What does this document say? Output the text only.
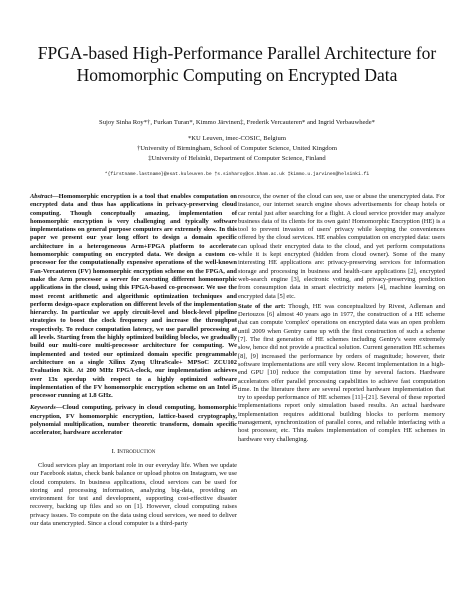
FPGA-based High-Performance Parallel Architecture for Homomorphic Computing on Encrypted Data
Sujoy Sinha Roy*†, Furkan Turan*, Kimmo Järvinen‡, Frederik Vercauteren* and Ingrid Verbauwhede*
*KU Leuven, imec-COSIC, Belgium
†University of Birmingham, School of Computer Science, United Kingdom
‡University of Helsinki, Department of Computer Science, Finland
*{firstname.lastname}@esat.kuleuven.be †s.sinharoy@cs.bham.ac.uk ‡kimmo.u.jarvinen@helsinki.fi

Abstract—Homomorphic encryption is a tool that enables computation on encrypted data and thus has applications in privacy-preserving cloud computing. Though conceptually amazing, implementation of homomorphic encryption is very challenging and typically software implementations on general purpose computers are extremely slow. In this paper we present our year long effort to design a domain specific architecture in a heterogeneous Arm+FPGA platform to accelerate homomorphic computing on encrypted data. We design a custom co-processor for the computationally expensive operations of the well-known Fan-Vercauteren (FV) homomorphic encryption scheme on the FPGA, and make the Arm processor a server for executing different homomorphic applications in the cloud, using this FPGA-based co-processor. We use the most recent arithmetic and algorithmic optimization techniques and perform design-space exploration on different levels of the implementation hierarchy. In particular we apply circuit-level and block-level pipeline strategies to boost the clock frequency and increase the throughput respectively. To reduce computation latency, we use parallel processing at all levels. Starting from the highly optimized building blocks, we gradually build our multi-core multi-processor architecture for computing. We implemented and tested our optimized domain specific programmable architecture on a single Xilinx Zynq UltraScale+ MPSoC ZCU102 Evaluation Kit. At 200 MHz FPGA-clock, our implementation achieves over 13x speedup with respect to a highly optimized software implementation of the FV homomorphic encryption scheme on an Intel i5 processor running at 1.8 GHz.

Keywords—Cloud computing, privacy in cloud computing, homomorphic encryption, FV homomorphic encryption, lattice-based cryptography, polynomial multiplication, number theoretic transform, domain specific accelerator, hardware accelerator

I. Introduction

Cloud services play an important role in our everyday life. When we update our Facebook status, check bank balance or upload photos on Instagram, we use cloud computers. In business applications, cloud services can be used for storing and processing information, analyzing big-data, providing an environment for test and development, supporting cost-effective disaster recovery, backing up files and so on [1]. However, cloud computing raises privacy issues. To compute on the data using cloud services, we need to deliver our data unencrypted. Since a cloud computer is a third-party

resource, the owner of the cloud can see, use or abuse the unencrypted data. For instance, our internet search engine shows advertisements for cheap hotels or car rental just after searching for a flight. A cloud service provider may analyze business data of its clients for its own gain! Homomorphic Encryption (HE) is a tool to prevent invasion of users' privacy while keeping the conveniences offered by the cloud services. HE enables computation on encrypted data: users can upload their encrypted data to the cloud, and yet perform computations while it is kept encrypted (hidden from cloud owner). Some of the many interesting HE applications are: privacy-preserving services for information storage and processing in business and health-care applications [2], encrypted web-search engine [3], electronic voting, and privacy-preserving prediction from consumption data in smart electricity meters [4], machine learning on encrypted data [5] etc.

State of the art: Though, HE was conceptualized by Rivest, Adleman and Dertouzos [6] almost 40 years ago in 1977, the construction of a HE scheme that can compute 'complex' operations on encrypted data was an open problem until 2009 when Gentry came up with the first construction of such a scheme [7]. The first generation of HE schemes including Gentry's were extremely slow, hence did not provide a practical solution. Current generation HE schemes [8], [9] increased the performance by orders of magnitude; however, their software implementations are still very slow. Recent implementation in a high-end GPU [10] reduce the computation time by several factors. Hardware accelerators offer parallel processing capabilities to achieve fast computation time. In the literature there are several reported hardware implementation that try to speedup performance of HE schemes [11]–[21]. Several of these reported implementations report only simulation based results. An actual hardware implementation requires additional building blocks to perform memory management, synchronization of parallel cores, and reliable interfacing with a host processor, etc. This makes implementation of complex HE schemes in hardware very challenging.
